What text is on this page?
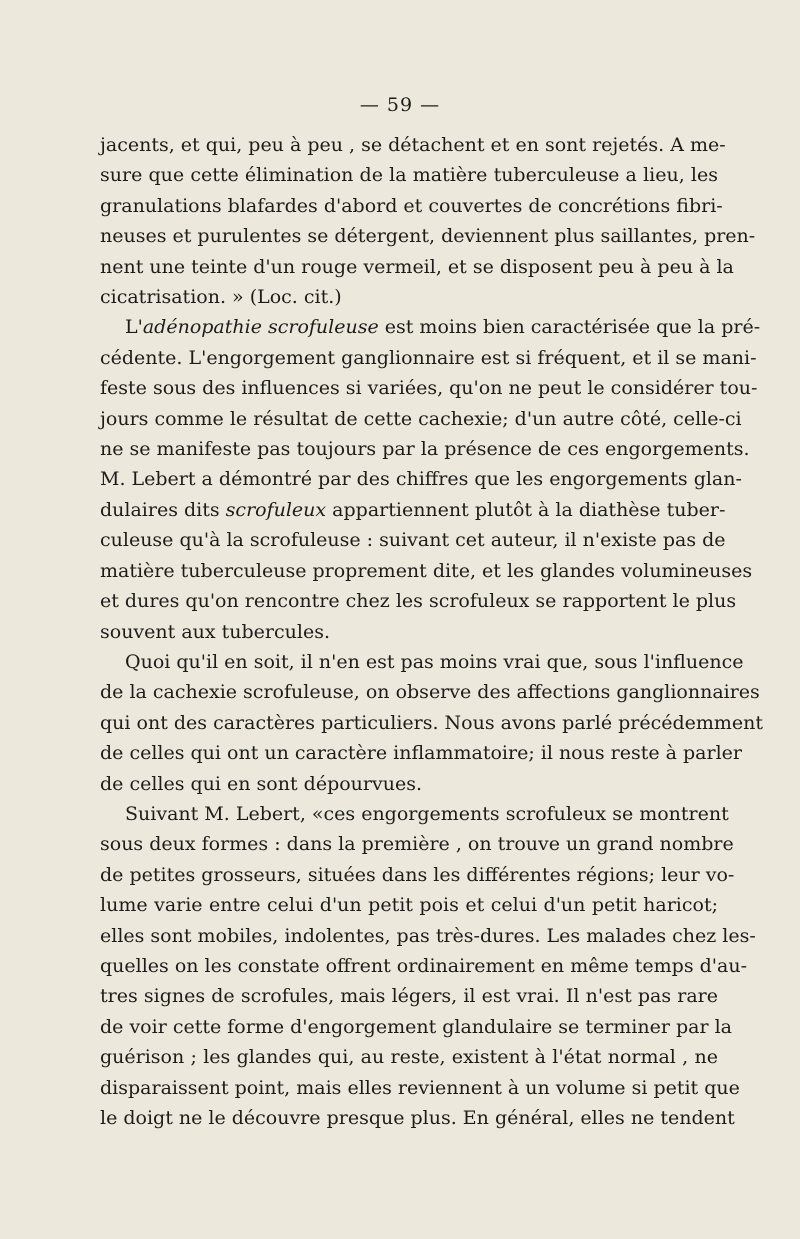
— 59 —

jacents, et qui, peu à peu , se détachent et en sont rejetés. A me-
sure que cette élimination de la matière tuberculeuse a lieu, les
granulations blafardes d'abord et couvertes de concrétions fibri-
neuses et purulentes se détergent, deviennent plus saillantes, pren-
nent une teinte d'un rouge vermeil, et se disposent peu à peu à la
cicatrisation. » (Loc. cit.)

L'adénopathie scrofuleuse est moins bien caractérisée que la pré-
cédente. L'engorgement ganglionnaire est si fréquent, et il se mani-
feste sous des influences si variées, qu'on ne peut le considérer tou-
jours comme le résultat de cette cachexie; d'un autre côté, celle-ci
ne se manifeste pas toujours par la présence de ces engorgements.
M. Lebert a démontré par des chiffres que les engorgements glan-
dulaires dits scrofuleux appartiennent plutôt à la diathèse tuber-
culeuse qu'à la scrofuleuse : suivant cet auteur, il n'existe pas de
matière tuberculeuse proprement dite, et les glandes volumineuses
et dures qu'on rencontre chez les scrofuleux se rapportent le plus
souvent aux tubercules.

Quoi qu'il en soit, il n'en est pas moins vrai que, sous l'influence
de la cachexie scrofuleuse, on observe des affections ganglionnaires
qui ont des caractères particuliers. Nous avons parlé précédemment
de celles qui ont un caractère inflammatoire; il nous reste à parler
de celles qui en sont dépourvues.

Suivant M. Lebert, «ces engorgements scrofuleux se montrent
sous deux formes : dans la première , on trouve un grand nombre
de petites grosseurs, situées dans les différentes régions; leur vo-
lume varie entre celui d'un petit pois et celui d'un petit haricot;
elles sont mobiles, indolentes, pas très-dures. Les malades chez les-
quelles on les constate offrent ordinairement en même temps d'au-
tres signes de scrofules, mais légers, il est vrai. Il n'est pas rare
de voir cette forme d'engorgement glandulaire se terminer par la
guérison ; les glandes qui, au reste, existent à l'état normal , ne
disparaissent point, mais elles reviennent à un volume si petit que
le doigt ne le découvre presque plus. En général, elles ne tendent
